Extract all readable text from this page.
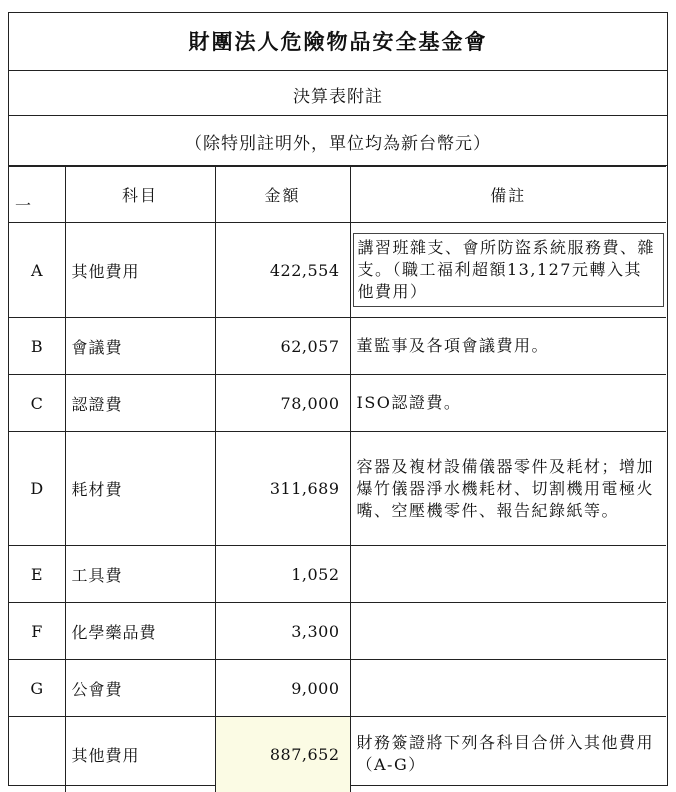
財團法人危險物品安全基金會
決算表附註
（除特別註明外，單位均為新台幣元）
一	科目	金額	備註
A	其他費用	422,554	講習班雜支、會所防盜系統服務費、雜支。（職工福利超額13,127元轉入其他費用）

B	會議費	62,057	董監事及各項會議費用。
C	認證費	78,000	ISO認證費。
D	耗材費	311,689	容器及複材設備儀器零件及耗材；增加爆竹儀器淨水機耗材、切割機用電極火嘴、空壓機零件、報告紀錄紙等。
E	工具費	1,052	
F	化學藥品費	3,300	
G	公會費	9,000	
	其他費用	887,652	財務簽證將下列各科目合併入其他費用（A-G）
